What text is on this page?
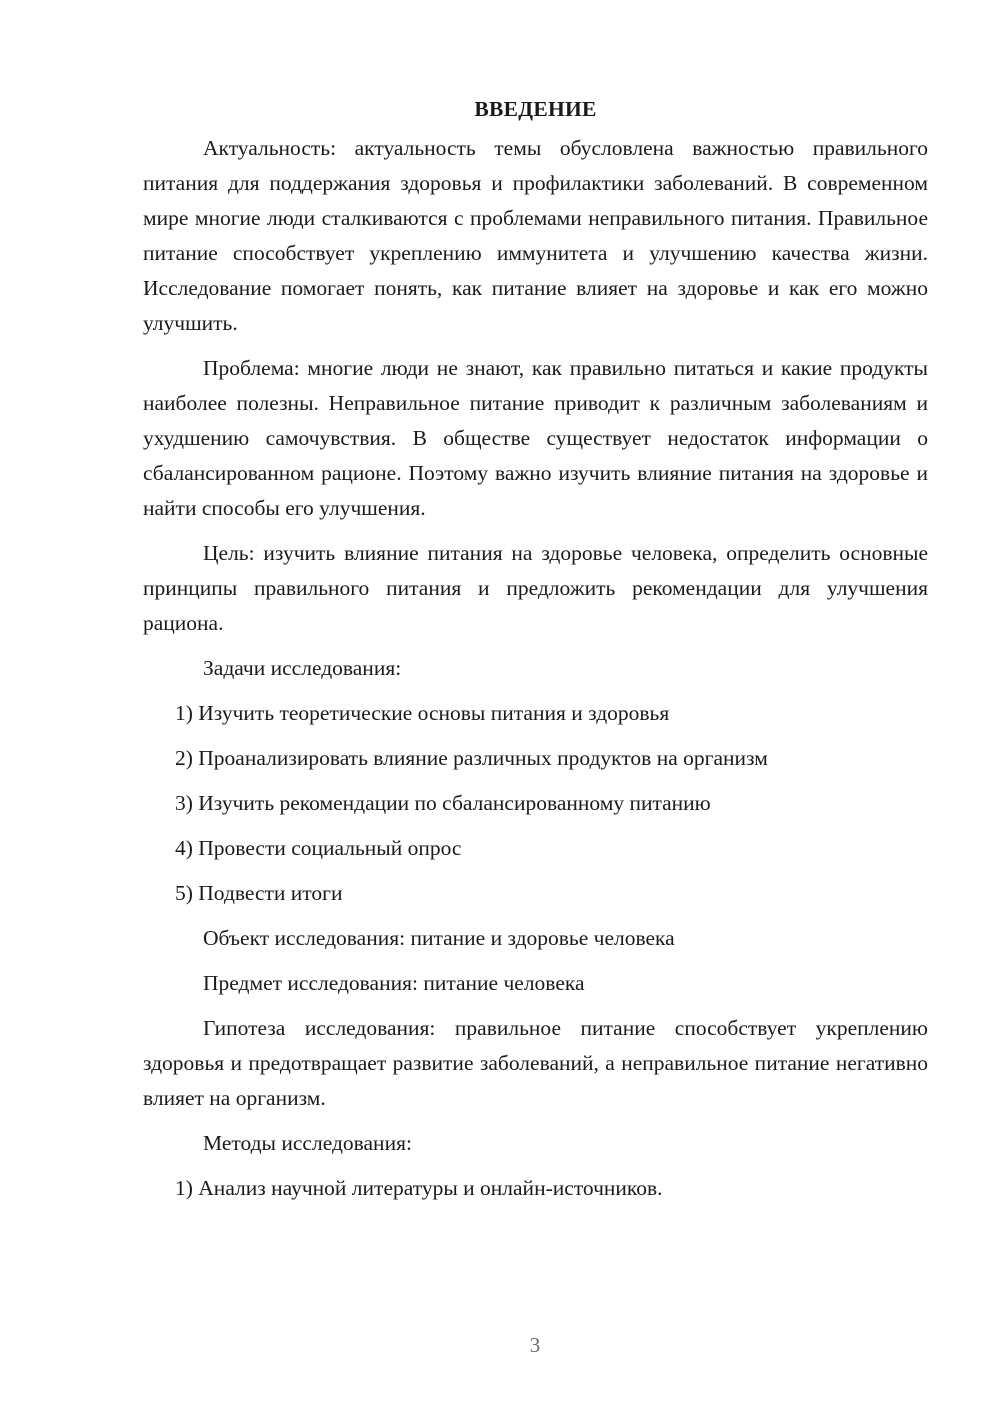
ВВЕДЕНИЕ

Актуальность: актуальность темы обусловлена важностью правильного питания для поддержания здоровья и профилактики заболеваний. В современном мире многие люди сталкиваются с проблемами неправильного питания. Правильное питание способствует укреплению иммунитета и улучшению качества жизни. Исследование помогает понять, как питание влияет на здоровье и как его можно улучшить.

Проблема: многие люди не знают, как правильно питаться и какие продукты наиболее полезны. Неправильное питание приводит к различным заболеваниям и ухудшению самочувствия. В обществе существует недостаток информации о сбалансированном рационе. Поэтому важно изучить влияние питания на здоровье и найти способы его улучшения.

Цель: изучить влияние питания на здоровье человека, определить основные принципы правильного питания и предложить рекомендации для улучшения рациона.

Задачи исследования:

1) Изучить теоретические основы питания и здоровья

2) Проанализировать влияние различных продуктов на организм

3) Изучить рекомендации по сбалансированному питанию

4) Провести социальный опрос

5) Подвести итоги

Объект исследования: питание и здоровье человека

Предмет исследования: питание человека

Гипотеза исследования: правильное питание способствует укреплению здоровья и предотвращает развитие заболеваний, а неправильное питание негативно влияет на организм.

Методы исследования:

1) Анализ научной литературы и онлайн-источников.

3
